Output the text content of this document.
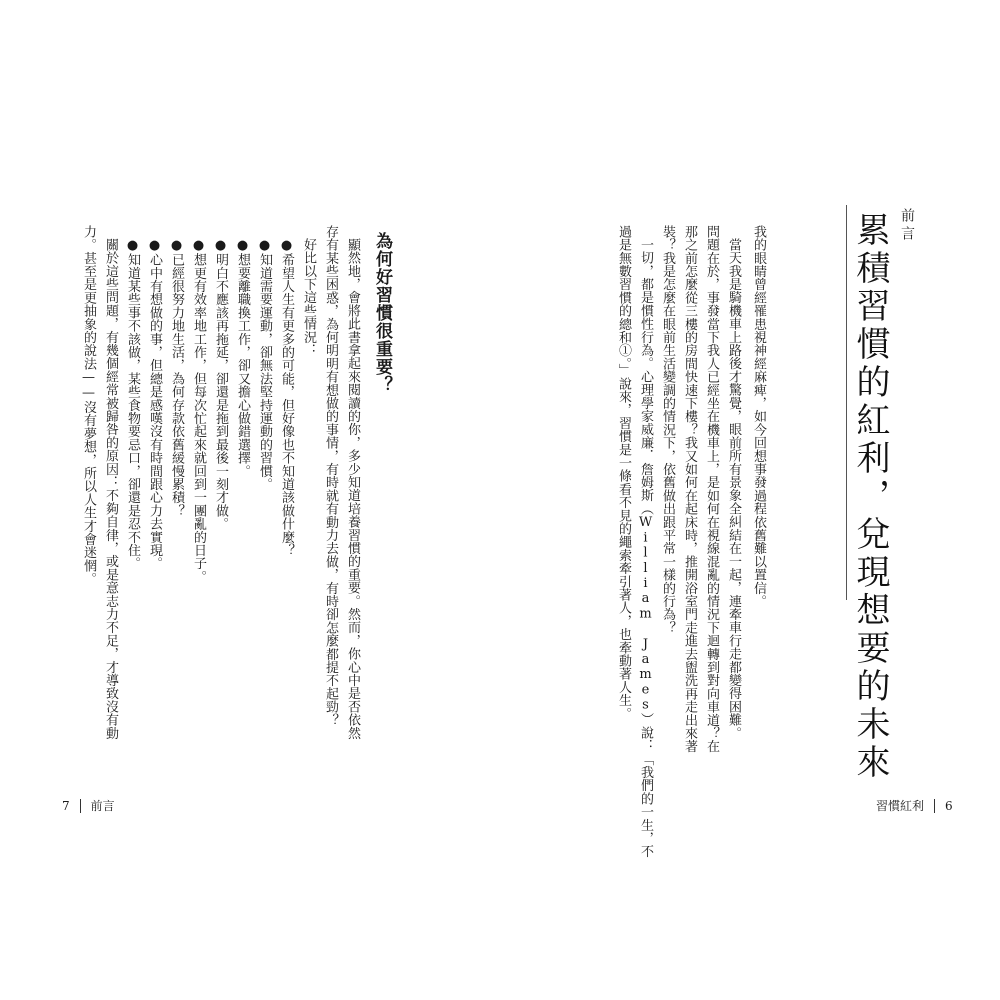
前言
累積習慣的紅利，兌現想要的未來
我的眼睛曾經罹患視神經麻痺，如今回想事發過程依舊難以置信。
當天我是騎機車上路後才驚覺，眼前所有景象全糾結在一起，連牽車行走都變得困難。
問題在於，事發當下我人已經坐在機車上，是如何在視線混亂的情況下迴轉到對向車道？在
那之前怎麼從三樓的房間快速下樓？我又如何在起床時，推開浴室門走進去盥洗再走出來著
裝？我是怎麼在眼前生活變調的情況下，依舊做出跟平常一樣的行為？
一切，都是慣性行為。心理學家威廉．詹姆斯（William James）說：「我們的一生，不
過是無數習慣的總和①。」說來，習慣是一條看不見的繩索牽引著人，也牽動著人生。
習慣紅利 6
為何好習慣很重要？
顯然地，會將此書拿起來閱讀的你，多少知道培養習慣的重要。然而，你心中是否依然
存有某些困惑，為何明明有想做的事情，有時就有動力去做，有時卻怎麼都提不起勁？
好比以下這些情況：
●希望人生有更多的可能，但好像也不知道該做什麼？
●知道需要運動，卻無法堅持運動的習慣。
●想要離職換工作，卻又擔心做錯選擇。
●明白不應該再拖延，卻還是拖到最後一刻才做。
●想更有效率地工作，但每次忙起來就回到一團亂的日子。
●已經很努力地生活，為何存款依舊緩慢累積？
●心中有想做的事，但總是感嘆沒有時間跟心力去實現。
●知道某些事不該做，某些食物要忌口，卻還是忍不住。
關於這些問題，有幾個經常被歸咎的原因：不夠自律，或是意志力不足，才導致沒有動
力。甚至是更抽象的說法——沒有夢想，所以人生才會迷惘。
7 前言
